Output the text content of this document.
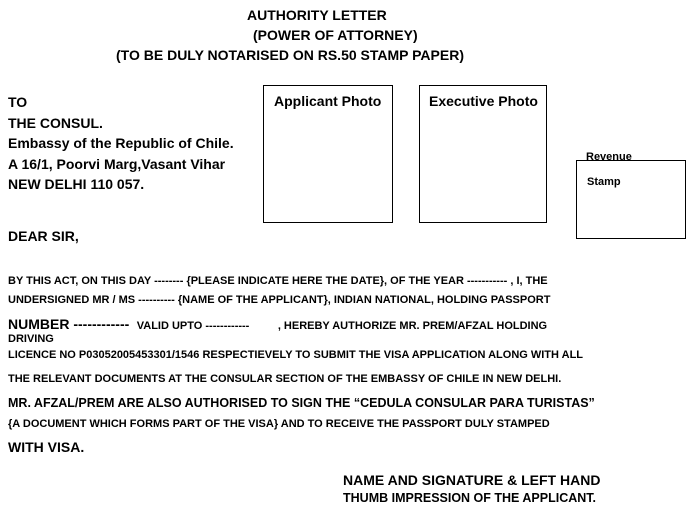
AUTHORITY LETTER
(POWER OF ATTORNEY)
(TO BE DULY NOTARISED ON RS.50 STAMP PAPER)
TO
THE CONSUL.
Embassy of the Republic of Chile.
A 16/1, Poorvi Marg,Vasant Vihar
NEW DELHI 110 057.
Applicant Photo	Executive Photo
Revenue
Stamp
DEAR SIR,
BY THIS ACT, ON THIS DAY -------- {PLEASE INDICATE HERE THE DATE}, OF THE YEAR ----------- , I, THE
UNDERSIGNED MR / MS ---------- {NAME OF THE APPLICANT}, INDIAN NATIONAL, HOLDING PASSPORT
NUMBER ------------ VALID UPTO ------------	, HEREBY AUTHORIZE MR. PREM/AFZAL HOLDING
DRIVING
LICENCE NO P03052005453301/1546 RESPECTIEVELY TO SUBMIT THE VISA APPLICATION ALONG WITH ALL
THE RELEVANT DOCUMENTS AT THE CONSULAR SECTION OF THE EMBASSY OF CHILE IN NEW DELHI.
MR. AFZAL/PREM ARE ALSO AUTHORISED TO SIGN THE “CEDULA CONSULAR PARA TURISTAS”
{A DOCUMENT WHICH FORMS PART OF THE VISA} AND TO RECEIVE THE PASSPORT DULY STAMPED
WITH VISA.
NAME AND SIGNATURE & LEFT HAND
THUMB IMPRESSION OF THE APPLICANT.
